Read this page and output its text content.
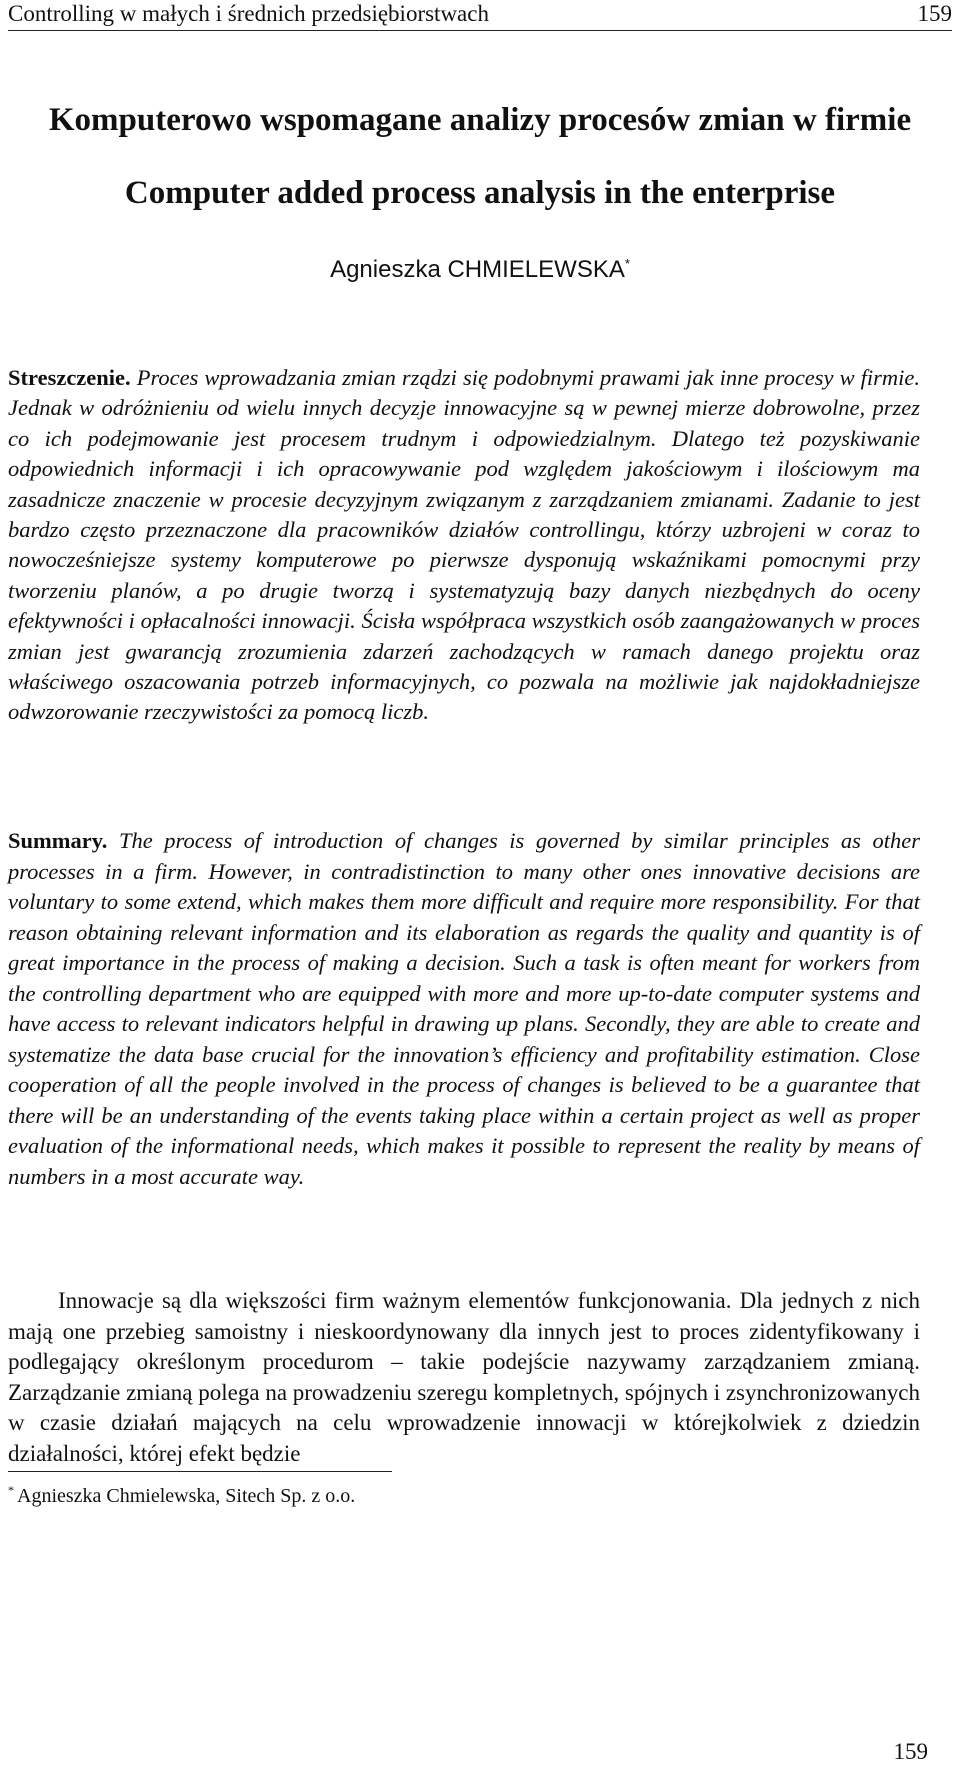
Controlling w małych i średnich przedsiębiorstwach	159
Komputerowo wspomagane analizy procesów zmian w firmie
Computer added process analysis in the enterprise
Agnieszka CHMIELEWSKA*

Streszczenie. Proces wprowadzania zmian rządzi się podobnymi prawami jak inne procesy w firmie. Jednak w odróżnieniu od wielu innych decyzje innowacyjne są w pewnej mierze dobrowolne, przez co ich podejmowanie jest procesem trudnym i odpowiedzialnym. Dlatego też pozyskiwanie odpowiednich informacji i ich opracowywanie pod względem jakościowym i ilościowym ma zasadnicze znaczenie w procesie decyzyjnym związanym z zarządzaniem zmianami. Zadanie to jest bardzo często przeznaczone dla pracowników działów controllingu, którzy uzbrojeni w coraz to nowocześniejsze systemy komputerowe po pierwsze dysponują wskaźnikami pomocnymi przy tworzeniu planów, a po drugie tworzą i systematyzują bazy danych niezbędnych do oceny efektywności i opłacalności innowacji. Ścisła współpraca wszystkich osób zaangażowanych w proces zmian jest gwarancją zrozumienia zdarzeń zachodzących w ramach danego projektu oraz właściwego oszacowania potrzeb informacyjnych, co pozwala na możliwie jak najdokładniejsze odwzorowanie rzeczywistości za pomocą liczb.

Summary. The process of introduction of changes is governed by similar principles as other processes in a firm. However, in contradistinction to many other ones innovative decisions are voluntary to some extend, which makes them more difficult and require more responsibility. For that reason obtaining relevant information and its elaboration as regards the quality and quantity is of great importance in the process of making a decision. Such a task is often meant for workers from the controlling department who are equipped with more and more up-to-date computer systems and have access to relevant indicators helpful in drawing up plans. Secondly, they are able to create and systematize the data base crucial for the innovation’s efficiency and profitability estimation. Close cooperation of all the people involved in the process of changes is believed to be a guarantee that there will be an understanding of the events taking place within a certain project as well as proper evaluation of the informational needs, which makes it possible to represent the reality by means of numbers in a most accurate way.

Innowacje są dla większości firm ważnym elementów funkcjonowania. Dla jednych z nich mają one przebieg samoistny i nieskoordynowany dla innych jest to proces zidentyfikowany i podlegający określonym procedurom – takie podejście nazywamy zarządzaniem zmianą. Zarządzanie zmianą polega na prowadzeniu szeregu kompletnych, spójnych i zsynchronizowanych w czasie działań mających na celu wprowadzenie innowacji w którejkolwiek z dziedzin działalności, której efekt będzie

* Agnieszka Chmielewska, Sitech Sp. z o.o.
159
